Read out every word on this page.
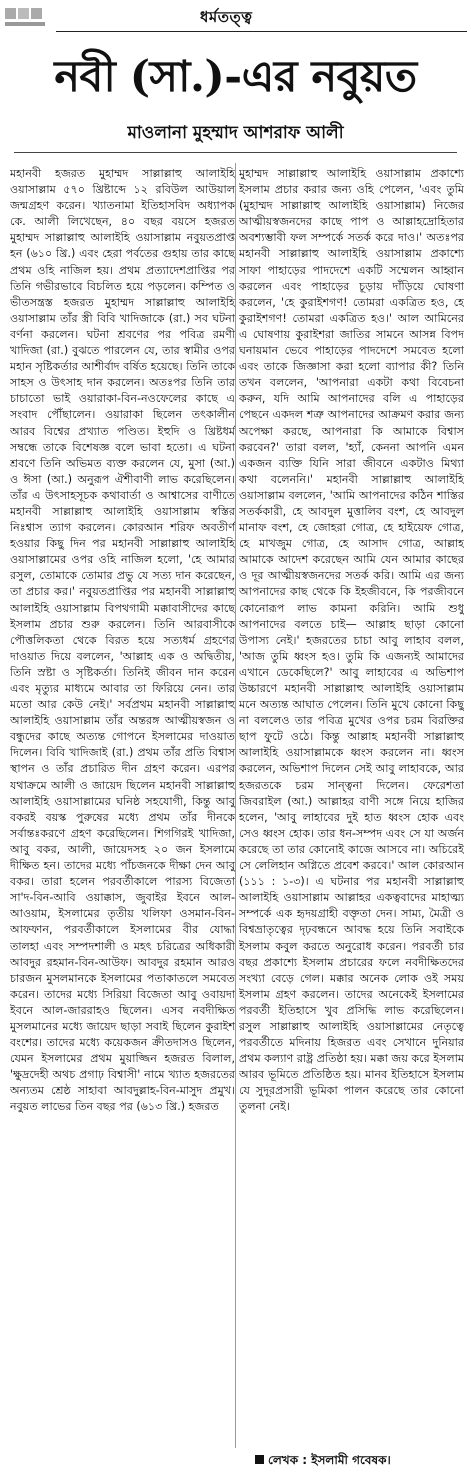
ধর্মতত্ত্ব
নবী (সা.)-এর নবুয়ত
মাওলানা মুহম্মাদ আশরাফ আলী
মহানবী হজরত মুহাম্মদ সাল্লাল্লাহু আলাইহি ওয়াসাল্লাম ৫৭০ খ্রিষ্টাব্দে ১২ রবিউল আউয়াল জন্মগ্রহণ করেন। খ্যাতনামা ইতিহাসবিদ অধ্যাপক কে. আলী লিখেছেন, ৪০ বছর বয়সে হজরত মুহাম্মদ সাল্লাল্লাহু আলাইহি ওয়াসাল্লাম নবুয়তপ্রাপ্ত হন (৬১০ খ্রি.) এবং হেরা পর্বতের গুহায় তার কাছে প্রথম ওহি নাজিল হয়। প্রথম প্রত্যাদেশপ্রাপ্তির পর তিনি গভীরভাবে বিচলিত হয়ে পড়লেন। কম্পিত ও ভীতসন্ত্রস্ত হজরত মুহাম্মদ সাল্লাল্লাহু আলাইহি ওয়াসাল্লাম তাঁর স্ত্রী বিবি খাদিজাকে (রা.) সব ঘটনা বর্ণনা করলেন। ঘটনা শ্রবণের পর পবিত্র রমণী খাদিজা (রা.) বুঝতে পারলেন যে, তার স্বামীর ওপর মহান সৃষ্টিকর্তার আশীর্বাদ বর্ষিত হয়েছে। তিনি তাকে সাহস ও উৎসাহ দান করলেন। অতঃপর তিনি তার চাচাতো ভাই ওয়ারাকা-বিন-নওফেলের কাছে এ সংবাদ পৌঁছালেন। ওয়ারাকা ছিলেন তৎকালীন আরব বিশ্বের প্রখ্যাত পণ্ডিত। ইহুদি ও খ্রিষ্টধর্ম সম্বন্ধে তাকে বিশেষজ্ঞ বলে ভাবা হতো। এ ঘটনা শ্রবণে তিনি অভিমত ব্যক্ত করলেন যে, মুসা (আ.) ও ঈসা (আ.) অনুরূপ ঐশীবাণী লাভ করেছিলেন। তাঁর এ উৎসাহসূচক কথাবার্তা ও আশ্বাসের বাণীতে মহানবী সাল্লাল্লাহু আলাইহি ওয়াসাল্লাম স্বস্তির নিঃশ্বাস ত্যাগ করলেন। কোরআন শরিফ অবতীর্ণ হওয়ার কিছু দিন পর মহানবী সাল্লাল্লাহু আলাইহি ওয়াসাল্লামের ওপর ওহি নাজিল হলো, 'হে আমার রসুল, তোমাকে তোমার প্রভু যে সত্য দান করেছেন, তা প্রচার কর।' নবুয়তপ্রাপ্তির পর মহানবী সাল্লাল্লাহু আলাইহি ওয়াসাল্লাম বিপথগামী মক্কাবাসীদের কাছে ইসলাম প্রচার শুরু করলেন। তিনি আরবাসীকে পৌত্তলিকতা থেকে বিরত হয়ে সত্যধর্ম গ্রহণের দাওয়াত দিয়ে বললেন, 'আল্লাহ এক ও অদ্বিতীয়, তিনি স্রষ্টা ও সৃষ্টিকর্তা। তিনিই জীবন দান করেন এবং মৃত্যুর মাধ্যমে আবার তা ফিরিয়ে নেন। তার মতো আর কেউ নেই।' সর্বপ্রথম মহানবী সাল্লাল্লাহু আলাইহি ওয়াসাল্লাম তাঁর অন্তরঙ্গ আত্মীয়স্বজন ও বন্ধুদের কাছে অত্যন্ত গোপনে ইসলামের দাওয়াত দিলেন। বিবি খাদিজাই (রা.) প্রথম তাঁর প্রতি বিশ্বাস স্থাপন ও তাঁর প্রচারিত দীন গ্রহণ করেন। এরপর যথাক্রমে আলী ও জায়েদ ছিলেন মহানবী সাল্লাল্লাহু আলাইহি ওয়াসাল্লামের ঘনিষ্ঠ সহযোগী, কিন্তু আবু বকরই বয়স্ক পুরুষের মধ্যে প্রথম তাঁর দীনকে সর্বান্তঃকরণে গ্রহণ করেছিলেন। শিগগিরই খাদিজা, আবু বকর, আলী, জায়েদসহ ২০ জন ইসলামে দীক্ষিত হন। তাদের মধ্যে পাঁচজনকে দীক্ষা দেন আবু বকর। তারা হলেন পরবর্তীকালে পারস্য বিজেতা সা'দ-বিন-আবি ওয়াক্কাস, জুবাইর ইবনে আল-আওয়াম, ইসলামের তৃতীয় খলিফা ওসমান-বিন-আফফান, পরবর্তীকালে ইসলামের বীর যোদ্ধা তালহা এবং সম্পদশালী ও মহৎ চরিত্রের অধিকারী আবদুর রহমান-বিন-আউফ। আবদুর রহমান আরও চারজন মুসলমানকে ইসলামের পতাকাতলে সমবেত করেন। তাদের মধ্যে সিরিয়া বিজেতা আবু ওবায়দা ইবনে আল-জাররাহও ছিলেন। এসব নবদীক্ষিত মুসলমানের মধ্যে জায়েদ ছাড়া সবাই ছিলেন কুরাইশ বংশের। তাদের মধ্যে কয়েকজন ক্রীতদাসও ছিলেন, যেমন ইসলামের প্রথম মুয়াজ্জিন হজরত বিলাল, 'ক্ষুদ্রদেহী অথচ প্রগাঢ় বিশ্বাসী' নামে খ্যাত হজরতের অন্যতম শ্রেষ্ঠ সাহাবা আবদুল্লাহ-বিন-মাসুদ প্রমুখ। নবুয়ত লাভের তিন বছর পর (৬১৩ খ্রি.) হজরত
মুহাম্মদ সাল্লাল্লাহু আলাইহি ওয়াসাল্লাম প্রকাশ্যে ইসলাম প্রচার করার জন্য ওহি পেলেন, 'এবং তুমি (মুহাম্মদ সাল্লাল্লাহু আলাইহি ওয়াসাল্লাম) নিজের আত্মীয়স্বজনদের কাছে পাপ ও আল্লাহদ্রোহিতার অবশ্যম্ভাবী ফল সম্পর্কে সতর্ক করে দাও।' অতঃপর মহানবী সাল্লাল্লাহু আলাইহি ওয়াসাল্লাম প্রকাশ্যে সাফা পাহাড়ের পাদদেশে একটি সম্মেলন আহ্বান করলেন এবং পাহাড়ের চূড়ায় দাঁড়িয়ে ঘোষণা করলেন, 'হে কুরাইশগণ! তোমরা একত্রিত হও, হে কুরাইশগণ! তোমরা একত্রিত হও।' আল আমিনের এ ঘোষণায় কুরাইশরা জাতির সামনে আসন্ন বিপদ ঘনায়মান ভেবে পাহাড়ের পাদদেশে সমবেত হলো এবং তাকে জিজ্ঞাসা করা হলো ব্যাপার কী? তিনি তখন বললেন, 'আপনারা একটা কথা বিবেচনা করুন, যদি আমি আপনাদের বলি এ পাহাড়ের পেছনে একদল শত্রু আপনাদের আক্রমণ করার জন্য অপেক্ষা করছে, আপনারা কি আমাকে বিশ্বাস করবেন?' তারা বলল, 'হ্যাঁ, কেননা আপনি এমন একজন ব্যক্তি যিনি সারা জীবনে একটাও মিথ্যা কথা বলেননি।' মহানবী সাল্লাল্লাহু আলাইহি ওয়াসাল্লাম বললেন, 'আমি আপনাদের কঠিন শাস্তির সতর্ককারী, হে আবদুল মুত্তালিব বংশ, হে আবদুল মানাফ বংশ, হে জোহরা গোত্র, হে হাইয়েফ গোত্র, হে মাখজুম গোত্র, হে আসাদ গোত্র, আল্লাহ আমাকে আদেশ করেছেন আমি যেন আমার কাছের ও দূর আত্মীয়স্বজনদের সতর্ক করি। আমি এর জন্য আপনাদের কাছ থেকে কি ইহজীবনে, কি পরজীবনে কোনোরূপ লাভ কামনা করিনি। আমি শুধু আপনাদের বলতে চাই— আল্লাহ ছাড়া কোনো উপাস্য নেই।' হজরতের চাচা আবু লাহাব বলল, 'আজ তুমি ধ্বংস হও। তুমি কি এজন্যই আমাদের এখানে ডেকেছিলে?' আবু লাহাবের এ অভিশাপ উচ্চারণে মহানবী সাল্লাল্লাহু আলাইহি ওয়াসাল্লাম মনে অত্যন্ত আঘাত পেলেন। তিনি মুখে কোনো কিছু না বললেও তার পবিত্র মুখের ওপর চরম বিরক্তির ছাপ ফুটে ওঠে। কিন্তু আল্লাহ মহানবী সাল্লাল্লাহু আলাইহি ওয়াসাল্লামকে ধ্বংস করলেন না। ধ্বংস করলেন, অভিশাপ দিলেন সেই আবু লাহাবকে, আর হজরতকে চরম সান্ত্বনা দিলেন। ফেরেশতা জিবরাইল (আ.) আল্লাহর বাণী সঙ্গে নিয়ে হাজির হলেন, 'আবু লাহাবের দুই হাত ধ্বংস হোক এবং সেও ধ্বংস হোক। তার ধন-সম্পদ এবং সে যা অর্জন করেছে তা তার কোনোই কাজে আসবে না। অচিরেই সে লেলিহান অগ্নিতে প্রবেশ করবে।' আল কোরআন (১১১ : ১-৩)। এ ঘটনার পর মহানবী সাল্লাল্লাহু আলাইহি ওয়াসাল্লাম আল্লাহর একত্ববাদের মাহাত্ম্য সম্পর্কে এক হৃদয়গ্রাহী বক্তৃতা দেন। সাম্য, মৈত্রী ও বিশ্বভ্রাতৃত্বের দৃঢ়বন্ধনে আবদ্ধ হয়ে তিনি সবাইকে ইসলাম কবুল করতে অনুরোধ করেন। পরবর্তী চার বছর প্রকাশ্যে ইসলাম প্রচারের ফলে নবদীক্ষিতদের সংখ্যা বেড়ে গেল। মক্কার অনেক লোক ওই সময় ইসলাম গ্রহণ করলেন। তাদের অনেকেই ইসলামের পরবর্তী ইতিহাসে খুব প্রসিদ্ধি লাভ করেছিলেন। রসুল সাল্লাল্লাহু আলাইহি ওয়াসাল্লামের নেতৃত্বে পরবর্তীতে মদিনায় হিজরত এবং সেখানে দুনিয়ার প্রথম কল্যাণ রাষ্ট্র প্রতিষ্ঠা হয়। মক্কা জয় করে ইসলাম আরব ভূমিতে প্রতিষ্ঠিত হয়। মানব ইতিহাসে ইসলাম যে সুদূরপ্রসারী ভূমিকা পালন করেছে তার কোনো তুলনা নেই।
লেখক : ইসলামী গবেষক।
